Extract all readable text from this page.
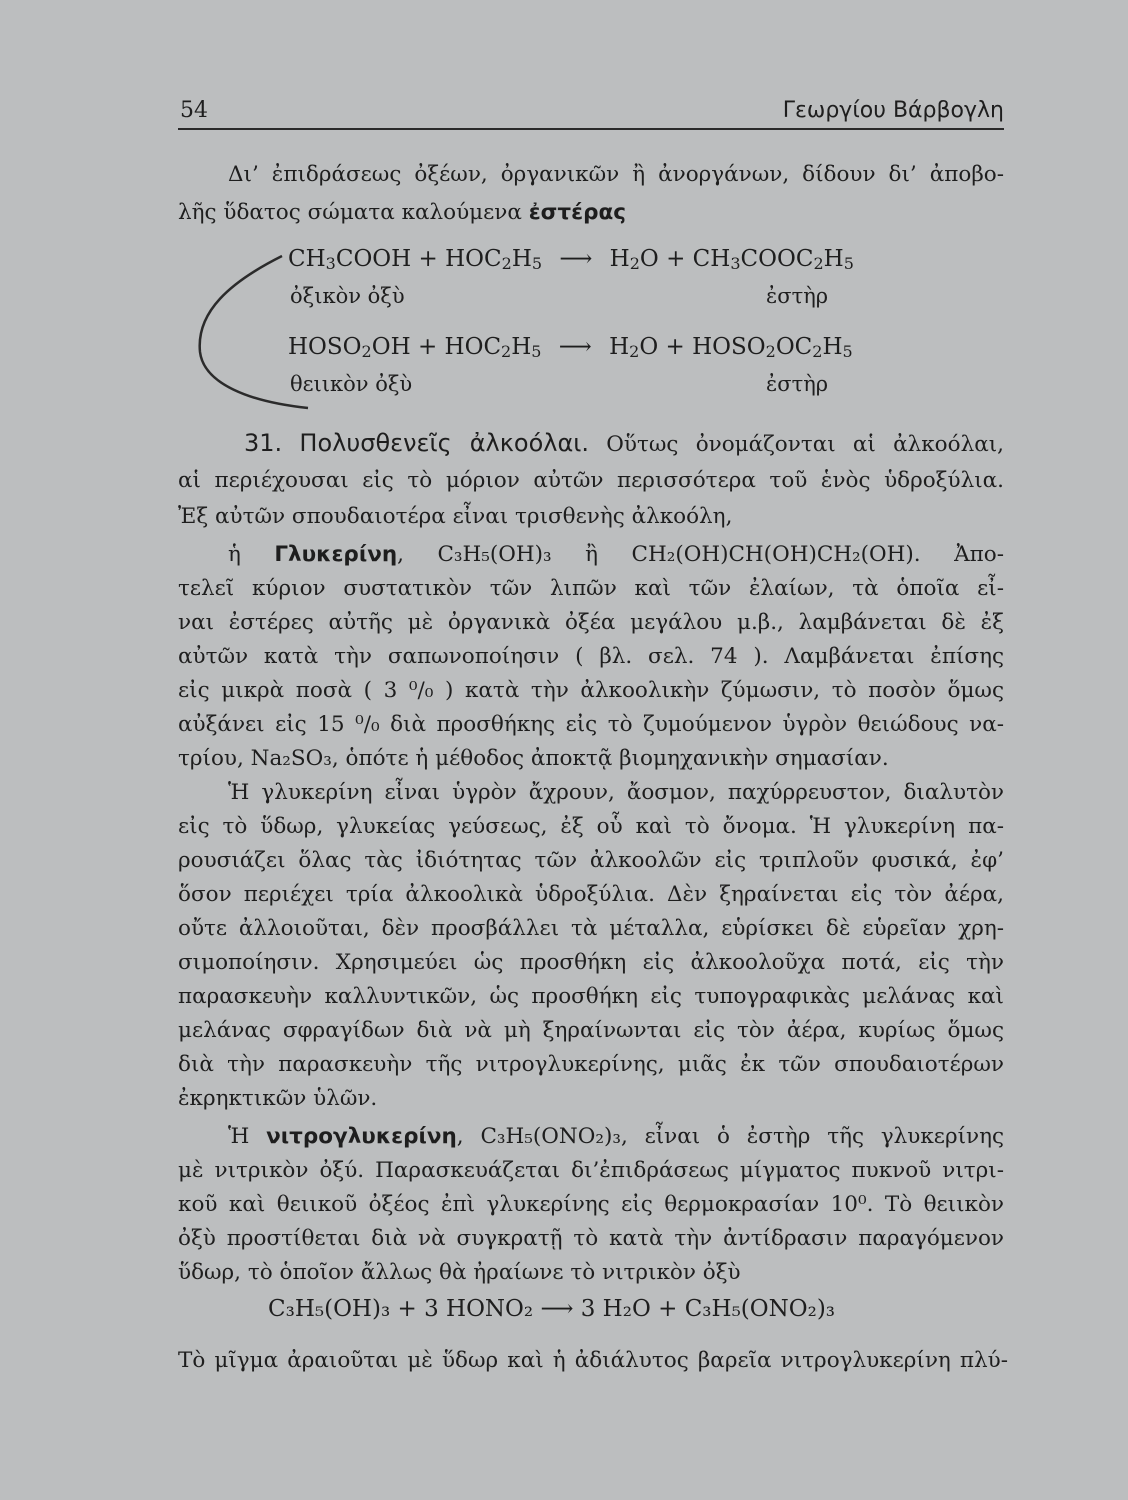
54	Γεωργίου Βάρβογλη
Δι’ ἐπιδράσεως ὀξέων, ὀργανικῶν ἢ ἀνοργάνων, δίδουν δι’ ἀποβο-
λῆς ὕδατος σώματα καλούμενα ἐστέρας
CH3COOH + HOC2H5 ⟶ H2O + CH3COOC2H5
ὀξικὸν ὀξὺ	ἐστὴρ
HOSO2OH + HOC2H5 ⟶ H2O + HOSO2OC2H5
θειικὸν ὀξὺ	ἐστὴρ
31. Πολυσθενεῖς ἀλκοόλαι. Οὕτως ὀνομάζονται αἱ ἀλκοόλαι,
αἱ περιέχουσαι εἰς τὸ μόριον αὐτῶν περισσότερα τοῦ ἑνὸς ὑδροξύλια.
Ἐξ αὐτῶν σπουδαιοτέρα εἶναι τρισθενὴς ἀλκοόλη,
ἡ Γλυκερίνη, C₃H₅(OH)₃ ἢ CH₂(OH)CH(OH)CH₂(OH). Ἀπο-
τελεῖ κύριον συστατικὸν τῶν λιπῶν καὶ τῶν ἐλαίων, τὰ ὁποῖα εἶ-
ναι ἐστέρες αὐτῆς μὲ ὀργανικὰ ὀξέα μεγάλου μ.β., λαμβάνεται δὲ ἐξ
αὐτῶν κατὰ τὴν σαπωνοποίησιν ( βλ. σελ. 74 ). Λαμβάνεται ἐπίσης
εἰς μικρὰ ποσὰ ( 3 ⁰/₀ ) κατὰ τὴν ἀλκοολικὴν ζύμωσιν, τὸ ποσὸν ὅμως
αὐξάνει εἰς 15 ⁰/₀ διὰ προσθήκης εἰς τὸ ζυμούμενον ὑγρὸν θειώδους να-
τρίου, Na₂SO₃, ὁπότε ἡ μέθοδος ἀποκτᾷ βιομηχανικὴν σημασίαν.
Ἡ γλυκερίνη εἶναι ὑγρὸν ἄχρουν, ἄοσμον, παχύρρευστον, διαλυτὸν
εἰς τὸ ὕδωρ, γλυκείας γεύσεως, ἐξ οὗ καὶ τὸ ὄνομα. Ἡ γλυκερίνη πα-
ρουσιάζει ὅλας τὰς ἰδιότητας τῶν ἀλκοολῶν εἰς τριπλοῦν φυσικά, ἐφ’
ὅσον περιέχει τρία ἀλκοολικὰ ὑδροξύλια. Δὲν ξηραίνεται εἰς τὸν ἀέρα,
οὔτε ἀλλοιοῦται, δὲν προσβάλλει τὰ μέταλλα, εὑρίσκει δὲ εὑρεῖαν χρη-
σιμοποίησιν. Χρησιμεύει ὡς προσθήκη εἰς ἀλκοολοῦχα ποτά, εἰς τὴν
παρασκευὴν καλλυντικῶν, ὡς προσθήκη εἰς τυπογραφικὰς μελάνας καὶ
μελάνας σφραγίδων διὰ νὰ μὴ ξηραίνωνται εἰς τὸν ἀέρα, κυρίως ὅμως
διὰ τὴν παρασκευὴν τῆς νιτρογλυκερίνης, μιᾶς ἐκ τῶν σπουδαιοτέρων
ἐκρηκτικῶν ὑλῶν.
Ἡ νιτρογλυκερίνη, C₃H₅(ONO₂)₃, εἶναι ὁ ἐστὴρ τῆς γλυκερίνης
μὲ νιτρικὸν ὀξύ. Παρασκευάζεται δι’ἐπιδράσεως μίγματος πυκνοῦ νιτρι-
κοῦ καὶ θειικοῦ ὀξέος ἐπὶ γλυκερίνης εἰς θερμοκρασίαν 10⁰. Τὸ θειικὸν
ὀξὺ προστίθεται διὰ νὰ συγκρατῇ τὸ κατὰ τὴν ἀντίδρασιν παραγόμενον
ὕδωρ, τὸ ὁποῖον ἄλλως θὰ ἠραίωνε τὸ νιτρικὸν ὀξὺ
C₃H₅(OH)₃ + 3 HONO₂ ⟶ 3 H₂O + C₃H₅(ONO₂)₃
Τὸ μῖγμα ἀραιοῦται μὲ ὕδωρ καὶ ἡ ἀδιάλυτος βαρεῖα νιτρογλυκερίνη πλύ-
